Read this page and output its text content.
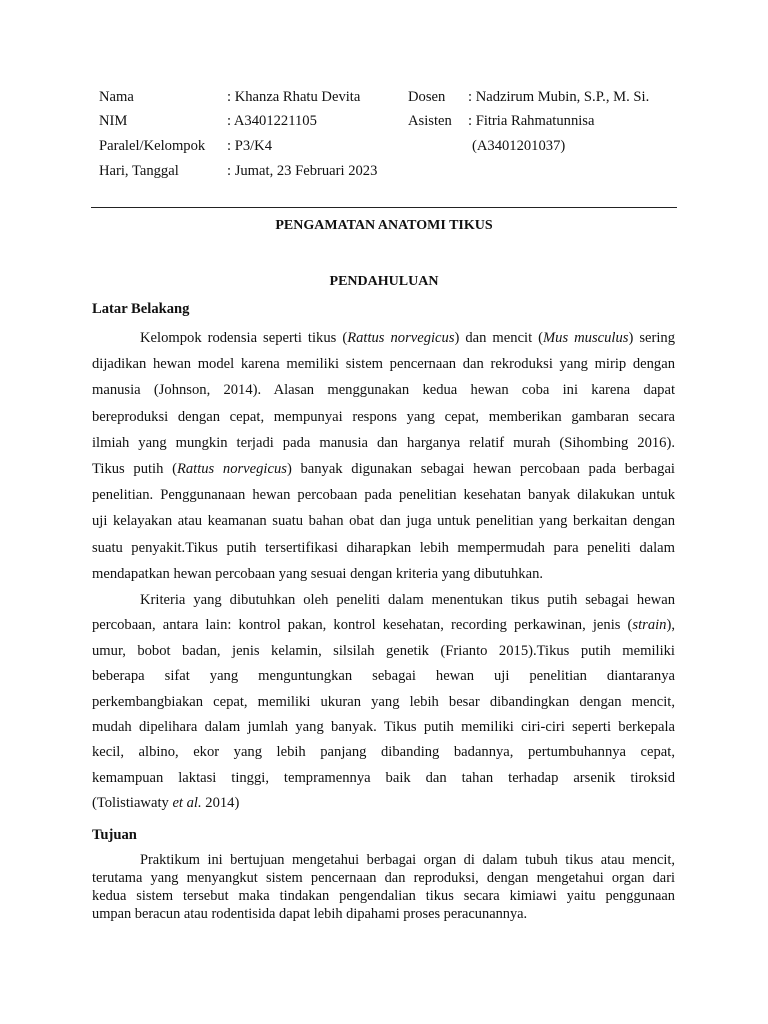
Nama	: Khanza Rhatu Devita	Dosen : Nadzirum Mubin, S.P., M. Si.
NIM	: A3401221105	Asisten : Fitria Rahmatunnisa
Paralel/Kelompok : P3/K4	(A3401201037)
Hari, Tanggal	: Jumat, 23 Februari 2023
PENGAMATAN ANATOMI TIKUS
PENDAHULUAN
Latar Belakang
Kelompok rodensia seperti tikus (Rattus norvegicus) dan mencit (Mus musculus) sering
dijadikan hewan model karena memiliki sistem pencernaan dan rekroduksi yang mirip dengan
manusia (Johnson, 2014). Alasan menggunakan kedua hewan coba ini karena dapat
bereproduksi dengan cepat, mempunyai respons yang cepat, memberikan gambaran secara
ilmiah yang mungkin terjadi pada manusia dan harganya relatif murah (Sihombing 2016).
Tikus putih (Rattus norvegicus) banyak digunakan sebagai hewan percobaan pada berbagai
penelitian. Penggunanaan hewan percobaan pada penelitian kesehatan banyak dilakukan untuk
uji kelayakan atau keamanan suatu bahan obat dan juga untuk penelitian yang berkaitan dengan
suatu penyakit.Tikus putih tersertifikasi diharapkan lebih mempermudah para peneliti dalam
mendapatkan hewan percobaan yang sesuai dengan kriteria yang dibutuhkan.
Kriteria yang dibutuhkan oleh peneliti dalam menentukan tikus putih sebagai hewan
percobaan, antara lain: kontrol pakan, kontrol kesehatan, recording perkawinan, jenis (strain),
umur, bobot badan, jenis kelamin, silsilah genetik (Frianto 2015).Tikus putih memiliki
beberapa sifat yang menguntungkan sebagai hewan uji penelitian diantaranya
perkembangbiakan cepat, memiliki ukuran yang lebih besar dibandingkan dengan mencit,
mudah dipelihara dalam jumlah yang banyak. Tikus putih memiliki ciri-ciri seperti berkepala
kecil, albino, ekor yang lebih panjang dibanding badannya, pertumbuhannya cepat,
kemampuan laktasi tinggi, tempramennya baik dan tahan terhadap arsenik tiroksid
(Tolistiawaty et al. 2014)
Tujuan
Praktikum ini bertujuan mengetahui berbagai organ di dalam tubuh tikus atau mencit,
terutama yang menyangkut sistem pencernaan dan reproduksi, dengan mengetahui organ dari
kedua sistem tersebut maka tindakan pengendalian tikus secara kimiawi yaitu penggunaan
umpan beracun atau rodentisida dapat lebih dipahami proses peracunannya.
